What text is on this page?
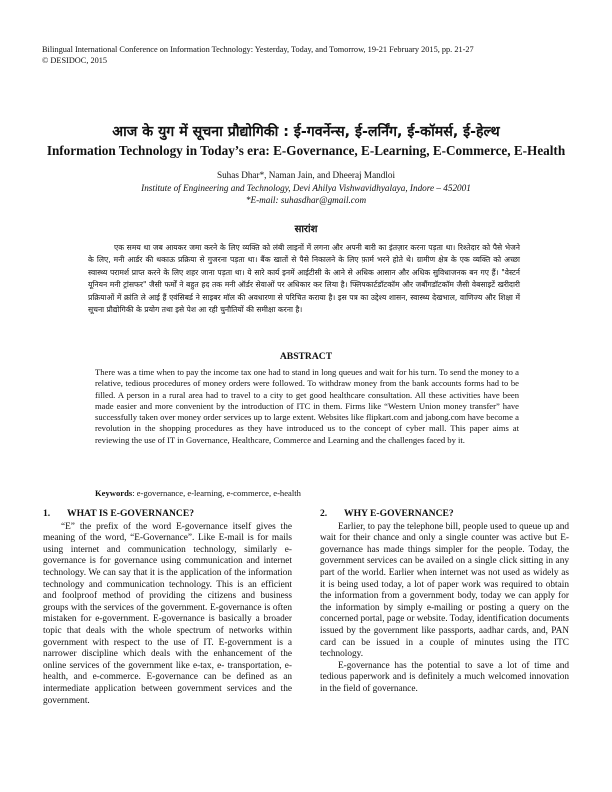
Bilingual International Conference on Information Technology: Yesterday, Today, and Tomorrow, 19-21 February 2015, pp. 21-27
© DESIDOC, 2015
आज के युग में सूचना प्रौद्योगिकी : ई-गवर्नेन्स, ई-लर्निंग, ई-कॉमर्स, ई-हेल्थ
Information Technology in Today’s era: E-Governance, E-Learning, E-Commerce, E-Health
Suhas Dhar*, Naman Jain, and Dheeraj Mandloi
Institute of Engineering and Technology, Devi Ahilya Vishwavidhyalaya, Indore – 452001
*E-mail: suhasdhar@gmail.com
सारांश
एक समय था जब आयकर जमा करने के लिए व्यक्ति को लंबी लाइनों में लगना और अपनी बारी का इंतज़ार करना पड़ता था। रिश्तेदार को पैसे भेजने के लिए, मनी आर्डर की थकाऊ प्रक्रिया से गुजरना पड़ता था। बैंक खातों से पैसे निकालने के लिए फ़ार्म भरने होते थे। ग्रामीण क्षेत्र के एक व्यक्ति को अच्छा स्वास्थ्य परामर्श प्राप्त करने के लिए शहर जाना पड़ता था। ये सारे कार्य इनमें आईटीसी के आने से अधिक आसान और अधिक सुविधाजनक बन गए हैं। "वेस्टर्न यूनियन मनी ट्रांसफर" जैसी फर्मों ने बहुत हद तक मनी ऑर्डर सेवाओं पर अधिकार कर लिया है। फ्लिपकार्टडॉटकॉम और जबौंगडॉटकॉम जैसी वेबसाइटें खरीदारी प्रक्रियाओं में क्रांति ले आई हैं एवंसिबर्ड ने साइबर मॉल की अवधारणा से परिचित कराया है। इस पत्र का उद्देश्य शासन, स्वास्थ्य देखभाल, वाणिज्य और शिक्षा में सूचना प्रौद्योगिकी के प्रयोग तथा इसे पेश आ रही चुनौतियों की समीक्षा करना है।
ABSTRACT
There was a time when to pay the income tax one had to stand in long queues and wait for his turn. To send the money to a relative, tedious procedures of money orders were followed. To withdraw money from the bank accounts forms had to be filled. A person in a rural area had to travel to a city to get good healthcare consultation. All these activities have been made easier and more convenient by the introduction of ITC in them. Firms like “Western Union money transfer” have successfully taken over money order services up to large extent. Websites like flipkart.com and jabong.com have become a revolution in the shopping procedures as they have introduced us to the concept of cyber mall. This paper aims at reviewing the use of IT in Governance, Healthcare, Commerce and Learning and the challenges faced by it.
Keywords: e-governance, e-learning, e-commerce, e-health
1. WHAT IS E-GOVERNANCE?

“E” the prefix of the word E-governance itself gives the meaning of the word, “E-Governance”. Like E-mail is for mails using internet and communication technology, similarly e-governance is for governance using communication and internet technology. We can say that it is the application of the information technology and communication technology. This is an efficient and foolproof method of providing the citizens and business groups with the services of the government. E-governance is often mistaken for e-government. E-governance is basically a broader topic that deals with the whole spectrum of networks within government with respect to the use of IT. E-government is a narrower discipline which deals with the enhancement of the online services of the government like e-tax, e- transportation, e-health, and e-commerce. E-governance can be defined as an intermediate application between government services and the government.

2. WHY E-GOVERNANCE?

Earlier, to pay the telephone bill, people used to queue up and wait for their chance and only a single counter was active but E-governance has made things simpler for the people. Today, the government services can be availed on a single click sitting in any part of the world. Earlier when internet was not used as widely as it is being used today, a lot of paper work was required to obtain the information from a government body, today we can apply for the information by simply e-mailing or posting a query on the concerned portal, page or website. Today, identification documents issued by the government like passports, aadhar cards, and, PAN card can be issued in a couple of minutes using the ITC technology.

E-governance has the potential to save a lot of time and tedious paperwork and is definitely a much welcomed innovation in the field of governance.
